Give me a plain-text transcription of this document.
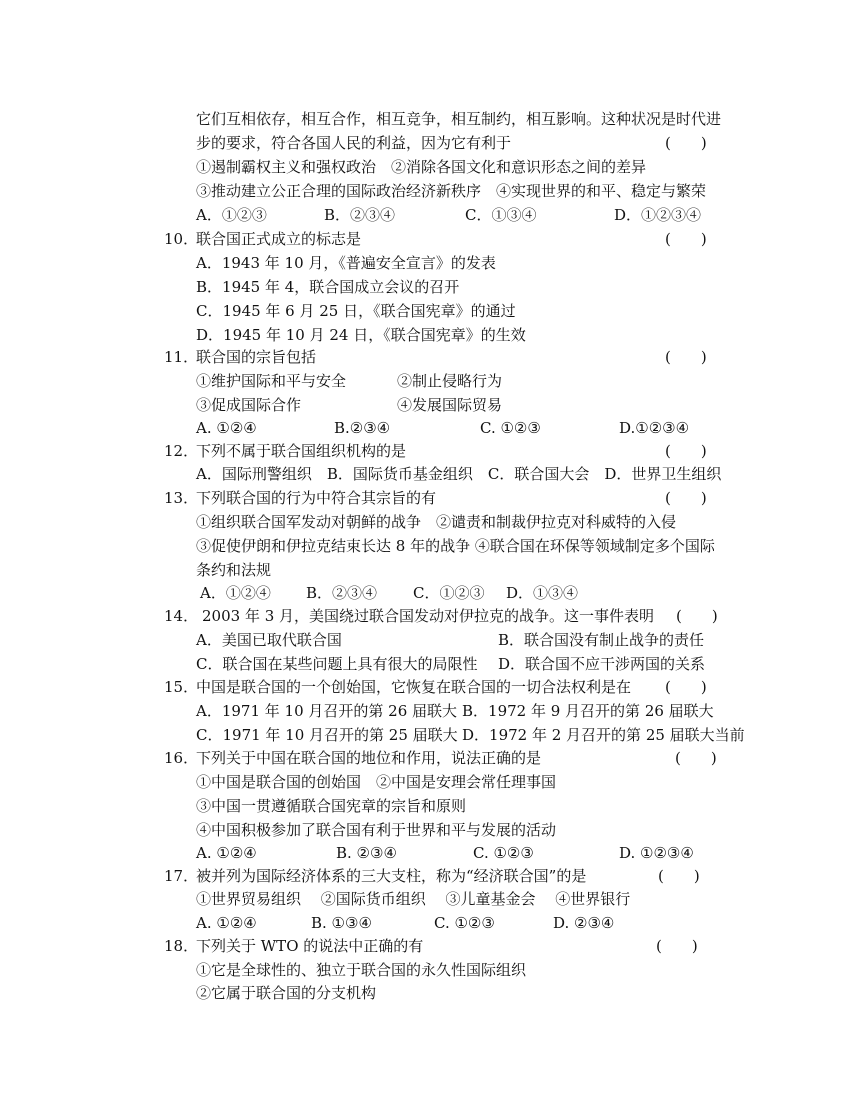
它们互相依存，相互合作，相互竞争，相互制约，相互影响。这种状况是时代进
步的要求，符合各国人民的利益，因为它有利于	(　　)
①遏制霸权主义和强权政治　②消除各国文化和意识形态之间的差异
③推动建立公正合理的国际政治经济新秩序　④实现世界的和平、稳定与繁荣
A．①②③	B．②③④	C．①③④	D．①②③④
10．
联合国正式成立的标志是	(　　)
A．1943 年 10 月，《普遍安全宣言》的发表
B．1945 年 4，联合国成立会议的召开
C．1945 年 6 月 25 日，《联合国宪章》的通过
D．1945 年 10 月 24 日，《联合国宪章》的生效
11．
联合国的宗旨包括	(　　)
①维护国际和平与安全	②制止侵略行为
③促成国际合作	④发展国际贸易
A. ①②④	B.②③④	C. ①②③	D.①②③④
12．
下列不属于联合国组织机构的是	(　　)
A．国际刑警组织　B．国际货币基金组织　C．联合国大会　D．世界卫生组织
13．
下列联合国的行为中符合其宗旨的有	(　　)
①组织联合国军发动对朝鲜的战争　②谴责和制裁伊拉克对科威特的入侵
③促使伊朗和伊拉克结束长达 8 年的战争 ④联合国在环保等领域制定多个国际
条约和法规
A．①②④ B．②③④ C．①②③ D．①③④
14． 2003 年 3 月，美国绕过联合国发动对伊拉克的战争。这一事件表明 (　　)
A．美国已取代联合国	B．联合国没有制止战争的责任
C．联合国在某些问题上具有很大的局限性 D．联合国不应干涉两国的关系
15．
中国是联合国的一个创始国，它恢复在联合国的一切合法权利是在 (　　)
A．1971 年 10 月召开的第 26 届联大 B．1972 年 9 月召开的第 26 届联大
C．1971 年 10 月召开的第 25 届联大 D．1972 年 2 月召开的第 25 届联大当前
16．
下列关于中国在联合国的地位和作用，说法正确的是	(　　)
①中国是联合国的创始国　②中国是安理会常任理事国
③中国一贯遵循联合国宪章的宗旨和原则
④中国积极参加了联合国有利于世界和平与发展的活动
A. ①②④	B. ②③④	C. ①②③	D. ①②③④
17．
被并列为国际经济体系的三大支柱，称为“经济联合国”的是	(　　)
①世界贸易组织　 ②国际货币组织　 ③儿童基金会　 ④世界银行
A. ①②④	B. ①③④	C. ①②③	D. ②③④
18．
下列关于 WTO 的说法中正确的有	(　　)
①它是全球性的、独立于联合国的永久性国际组织
②它属于联合国的分支机构
